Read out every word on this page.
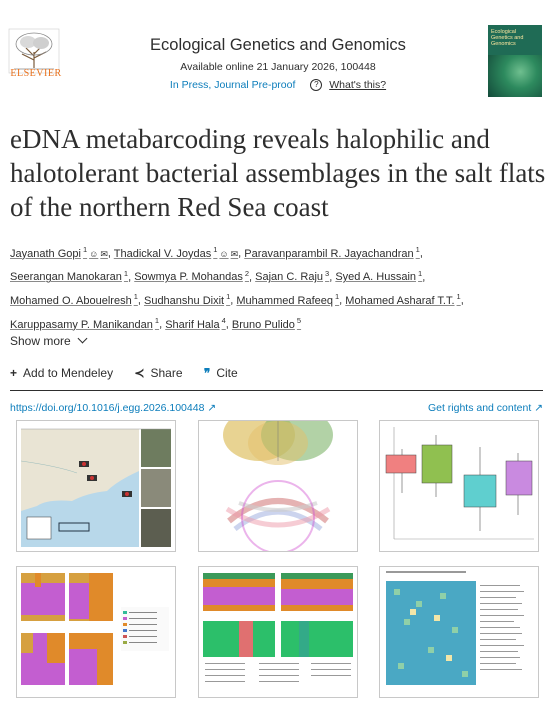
ELSEVIER
Ecological Genetics and Genomics
Available online 21 January 2026, 100448
In Press, Journal Pre-proof ? What's this?
Ecological Genetics and Genomics
eDNA metabarcoding reveals halophilic and halotolerant bacterial assemblages in the salt flats of the northern Red Sea coast
Jayanath Gopi $^1$ ☺ ✉, Thadickal V. Joydas $^1$ ☺ ✉, Paravanparambil R. Jayachandran $^1$, Seerangan Manokaran $^1$, Sowmya P. Mohandas $^2$, Sajan C. Raju $^3$, Syed A. Hussain $^1$, Mohamed O. Abouelresh $^1$, Sudhanshu Dixit $^1$, Muhammed Rafeeq $^1$, Mohamed Asharaf T.T. $^1$, Karuppasamy P. Manikandan $^1$, Sharif Hala $^4$, Bruno Pulido $^5$
Show more
+ Add to Mendeley ≺ Share ❞ Cite
https://doi.org/10.1016/j.egg.2026.100448 ↗	Get rights and content ↗
